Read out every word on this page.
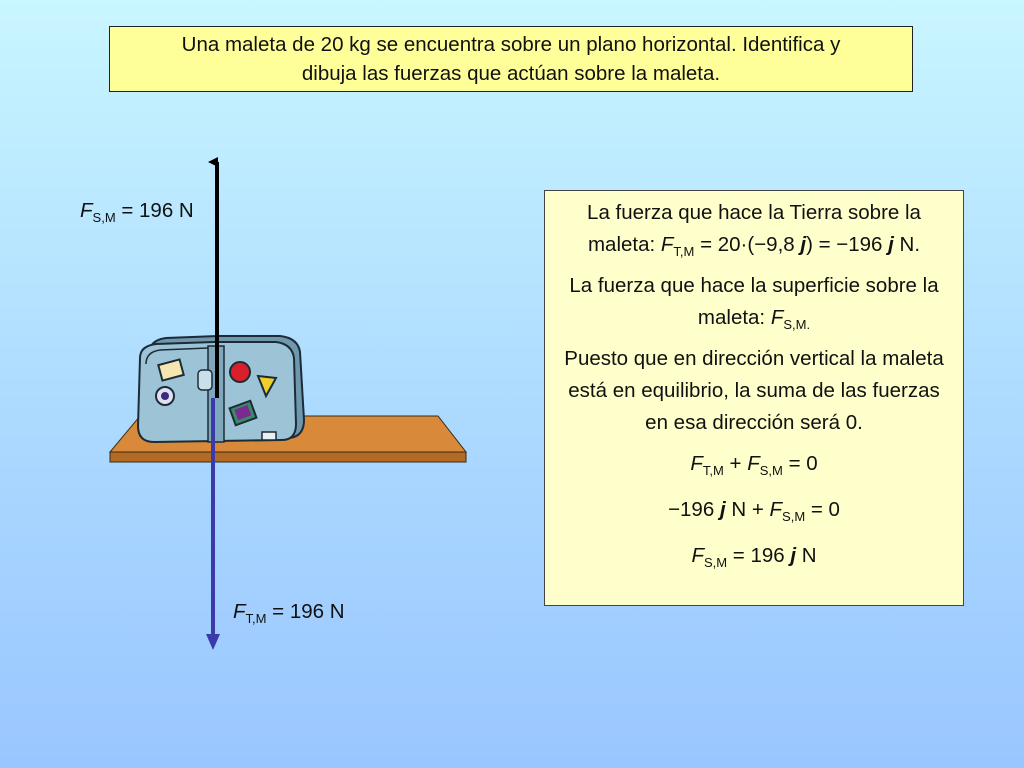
Una maleta de 20 kg se encuentra sobre un plano horizontal. Identifica y
dibuja las fuerzas que actúan sobre la maleta.
$F_{S,M} = 196$ N
$F_{T,M} = 196$ N

La fuerza que hace la Tierra sobre la maleta: $F_{T,M} = 20\cdot(-9,8$ j) = −196 j N.

La fuerza que hace la superficie sobre la maleta: $F_{S,M.}$

Puesto que en dirección vertical la maleta está en equilibrio, la suma de las fuerzas en esa dirección será 0.

$F_{T,M} + F_{S,M} = 0$

−196 j $N + F_{S,M} = 0$

$F_{S,M} = 196$ j N
